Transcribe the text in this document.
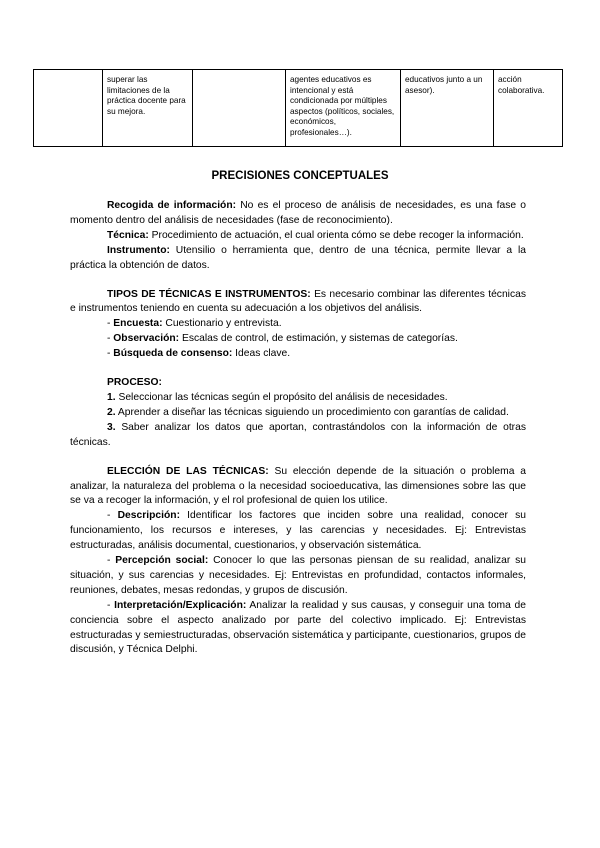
	superar las limitaciones de la práctica docente para su mejora.		agentes educativos es intencional y está condicionada por múltiples aspectos (políticos, sociales, económicos, profesionales…).	educativos junto a un asesor).	acción colaborativa.
PRECISIONES CONCEPTUALES

Recogida de información: No es el proceso de análisis de necesidades, es una fase o momento dentro del análisis de necesidades (fase de reconocimiento).

Técnica: Procedimiento de actuación, el cual orienta cómo se debe recoger la información.

Instrumento: Utensilio o herramienta que, dentro de una técnica, permite llevar a la práctica la obtención de datos.

TIPOS DE TÉCNICAS E INSTRUMENTOS: Es necesario combinar las diferentes técnicas e instrumentos teniendo en cuenta su adecuación a los objetivos del análisis.

- Encuesta: Cuestionario y entrevista.

- Observación: Escalas de control, de estimación, y sistemas de categorías.

- Búsqueda de consenso: Ideas clave.

PROCESO:

1. Seleccionar las técnicas según el propósito del análisis de necesidades.

2. Aprender a diseñar las técnicas siguiendo un procedimiento con garantías de calidad.

3. Saber analizar los datos que aportan, contrastándolos con la información de otras técnicas.

ELECCIÓN DE LAS TÉCNICAS: Su elección depende de la situación o problema a analizar, la naturaleza del problema o la necesidad socioeducativa, las dimensiones sobre las que se va a recoger la información, y el rol profesional de quien los utilice.

- Descripción: Identificar los factores que inciden sobre una realidad, conocer su funcionamiento, los recursos e intereses, y las carencias y necesidades. Ej: Entrevistas estructuradas, análisis documental, cuestionarios, y observación sistemática.

- Percepción social: Conocer lo que las personas piensan de su realidad, analizar su situación, y sus carencias y necesidades. Ej: Entrevistas en profundidad, contactos informales, reuniones, debates, mesas redondas, y grupos de discusión.

- Interpretación/Explicación: Analizar la realidad y sus causas, y conseguir una toma de conciencia sobre el aspecto analizado por parte del colectivo implicado. Ej: Entrevistas estructuradas y semiestructuradas, observación sistemática y participante, cuestionarios, grupos de discusión, y Técnica Delphi.
